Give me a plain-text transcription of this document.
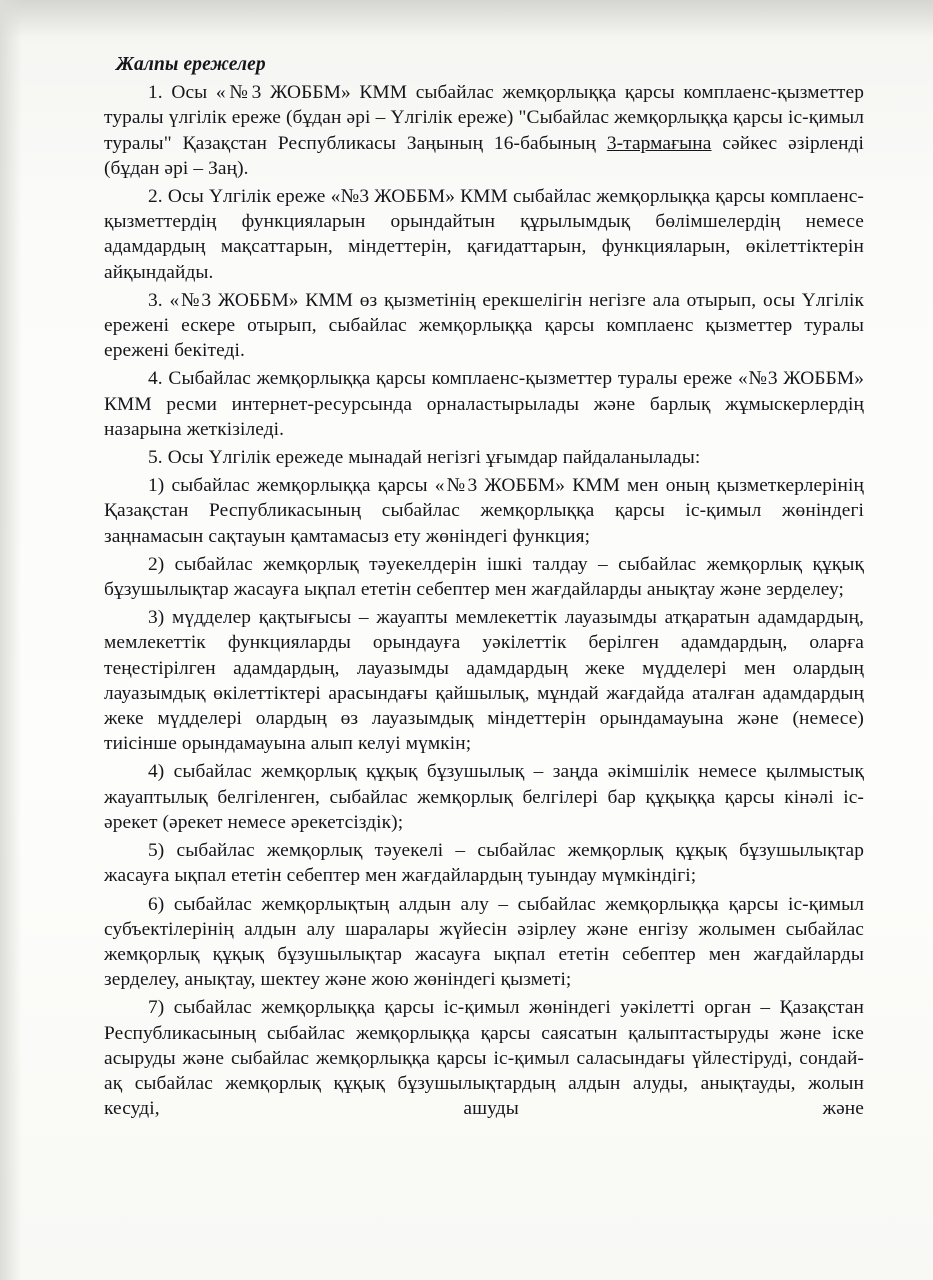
Жалпы ережелер

1. Осы «№3 ЖОББМ» КММ сыбайлас жемқорлыққа қарсы комплаенс-қызметтер туралы үлгілік ереже (бұдан әрі – Үлгілік ереже) "Сыбайлас жемқорлыққа қарсы іс-қимыл туралы" Қазақстан Республикасы Заңының 16-бабының 3-тармағына сәйкес әзірленді (бұдан әрі – Заң).

2. Осы Үлгілік ереже «№3 ЖОББМ» КММ сыбайлас жемқорлыққа қарсы комплаенс-қызметтердің функцияларын орындайтын құрылымдық бөлімшелердің немесе адамдардың мақсаттарын, міндеттерін, қағидаттарын, функцияларын, өкілеттіктерін айқындайды.

3. «№3 ЖОББМ» КММ өз қызметінің ерекшелігін негізге ала отырып, осы Үлгілік ережені ескере отырып, сыбайлас жемқорлыққа қарсы комплаенс қызметтер туралы ережені бекітеді.

4. Сыбайлас жемқорлыққа қарсы комплаенс-қызметтер туралы ереже «№3 ЖОББМ» КММ ресми интернет-ресурсында орналастырылады және барлық жұмыскерлердің назарына жеткізіледі.

5. Осы Үлгілік ережеде мынадай негізгі ұғымдар пайдаланылады:

1) сыбайлас жемқорлыққа қарсы «№3 ЖОББМ» КММ мен оның қызметкерлерінің Қазақстан Республикасының сыбайлас жемқорлыққа қарсы іс-қимыл жөніндегі заңнамасын сақтауын қамтамасыз ету жөніндегі функция;

2) сыбайлас жемқорлық тәуекелдерін ішкі талдау – сыбайлас жемқорлық құқық бұзушылықтар жасауға ықпал ететін себептер мен жағдайларды анықтау және зерделеу;

3) мүдделер қақтығысы – жауапты мемлекеттік лауазымды атқаратын адамдардың, мемлекеттік функцияларды орындауға уәкілеттік берілген адамдардың, оларға теңестірілген адамдардың, лауазымды адамдардың жеке мүдделері мен олардың лауазымдық өкілеттіктері арасындағы қайшылық, мұндай жағдайда аталған адамдардың жеке мүдделері олардың өз лауазымдық міндеттерін орындамауына және (немесе) тиісінше орындамауына алып келуі мүмкін;

4) сыбайлас жемқорлық құқық бұзушылық – заңда әкімшілік немесе қылмыстық жауаптылық белгіленген, сыбайлас жемқорлық белгілері бар құқыққа қарсы кінәлі іс-әрекет (әрекет немесе әрекетсіздік);

5) сыбайлас жемқорлық тәуекелі – сыбайлас жемқорлық құқық бұзушылықтар жасауға ықпал ететін себептер мен жағдайлардың туындау мүмкіндігі;

6) сыбайлас жемқорлықтың алдын алу – сыбайлас жемқорлыққа қарсы іс-қимыл субъектілерінің алдын алу шаралары жүйесін әзірлеу және енгізу жолымен сыбайлас жемқорлық құқық бұзушылықтар жасауға ықпал ететін себептер мен жағдайларды зерделеу, анықтау, шектеу және жою жөніндегі қызметі;

7) сыбайлас жемқорлыққа қарсы іс-қимыл жөніндегі уәкілетті орган – Қазақстан Республикасының сыбайлас жемқорлыққа қарсы саясатын қалыптастыруды және іске асыруды және сыбайлас жемқорлыққа қарсы іс-қимыл саласындағы үйлестіруді, сондай-ақ сыбайлас жемқорлық құқық бұзушылықтардың алдын алуды, анықтауды, жолын кесуді, ашуды және
